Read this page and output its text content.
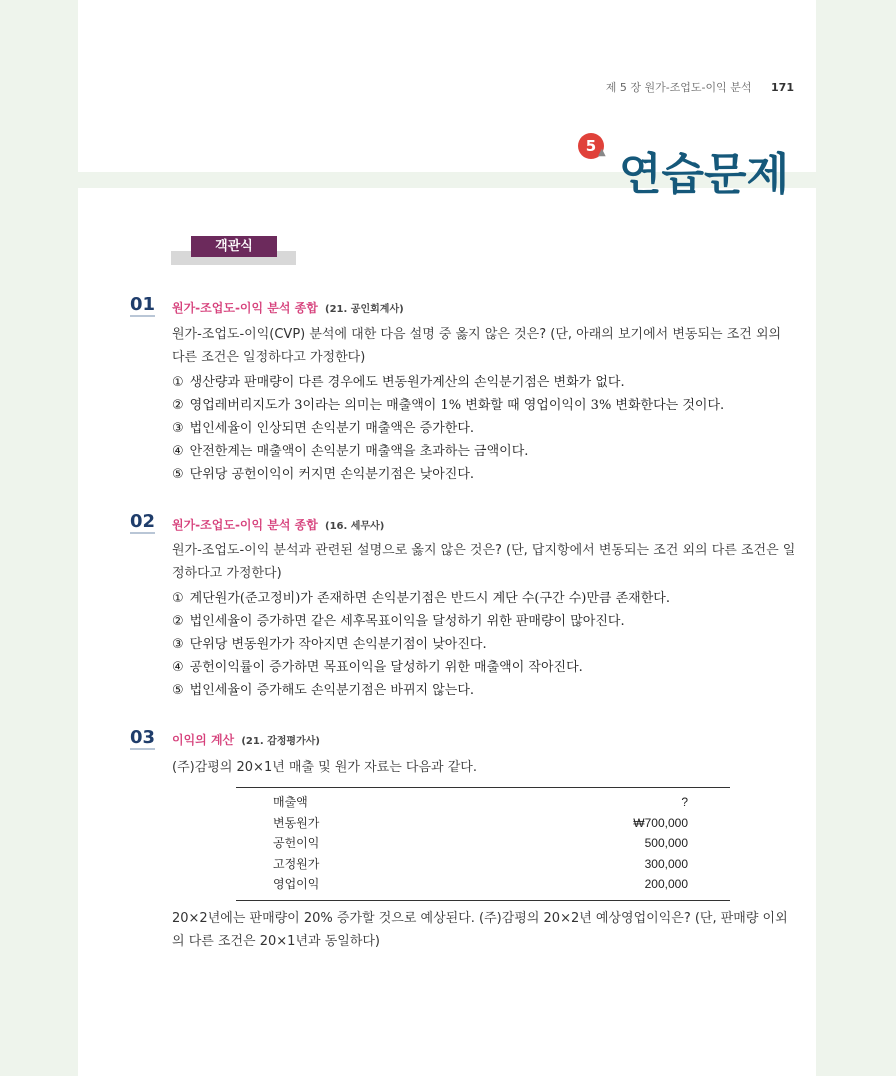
제 5 장 원가-조업도-이익 분석 171
5 ▲ 연습문제
객관식
01 원가-조업도-이익 분석 종합 (21. 공인회계사)
원가-조업도-이익(CVP) 분석에 대한 다음 설명 중 옳지 않은 것은? (단, 아래의 보기에서 변동되는 조건 외의 다른 조건은 일정하다고 가정한다)
① 생산량과 판매량이 다른 경우에도 변동원가계산의 손익분기점은 변화가 없다.
② 영업레버리지도가 3이라는 의미는 매출액이 1% 변화할 때 영업이익이 3% 변화한다는 것이다.
③ 법인세율이 인상되면 손익분기 매출액은 증가한다.
④ 안전한계는 매출액이 손익분기 매출액을 초과하는 금액이다.
⑤ 단위당 공헌이익이 커지면 손익분기점은 낮아진다.
02 원가-조업도-이익 분석 종합 (16. 세무사)
원가-조업도-이익 분석과 관련된 설명으로 옳지 않은 것은? (단, 답지항에서 변동되는 조건 외의 다른 조건은 일정하다고 가정한다)
① 계단원가(준고정비)가 존재하면 손익분기점은 반드시 계단 수(구간 수)만큼 존재한다.
② 법인세율이 증가하면 같은 세후목표이익을 달성하기 위한 판매량이 많아진다.
③ 단위당 변동원가가 작아지면 손익분기점이 낮아진다.
④ 공헌이익률이 증가하면 목표이익을 달성하기 위한 매출액이 작아진다.
⑤ 법인세율이 증가해도 손익분기점은 바뀌지 않는다.
03 이익의 계산 (21. 감정평가사)
(주)감평의 20×1년 매출 및 원가 자료는 다음과 같다.
매출액	?
변동원가	₩700,000
공헌이익	500,000
고정원가	300,000
영업이익	200,000
20×2년에는 판매량이 20% 증가할 것으로 예상된다. (주)감평의 20×2년 예상영업이익은? (단, 판매량 이외의 다른 조건은 20×1년과 동일하다)
